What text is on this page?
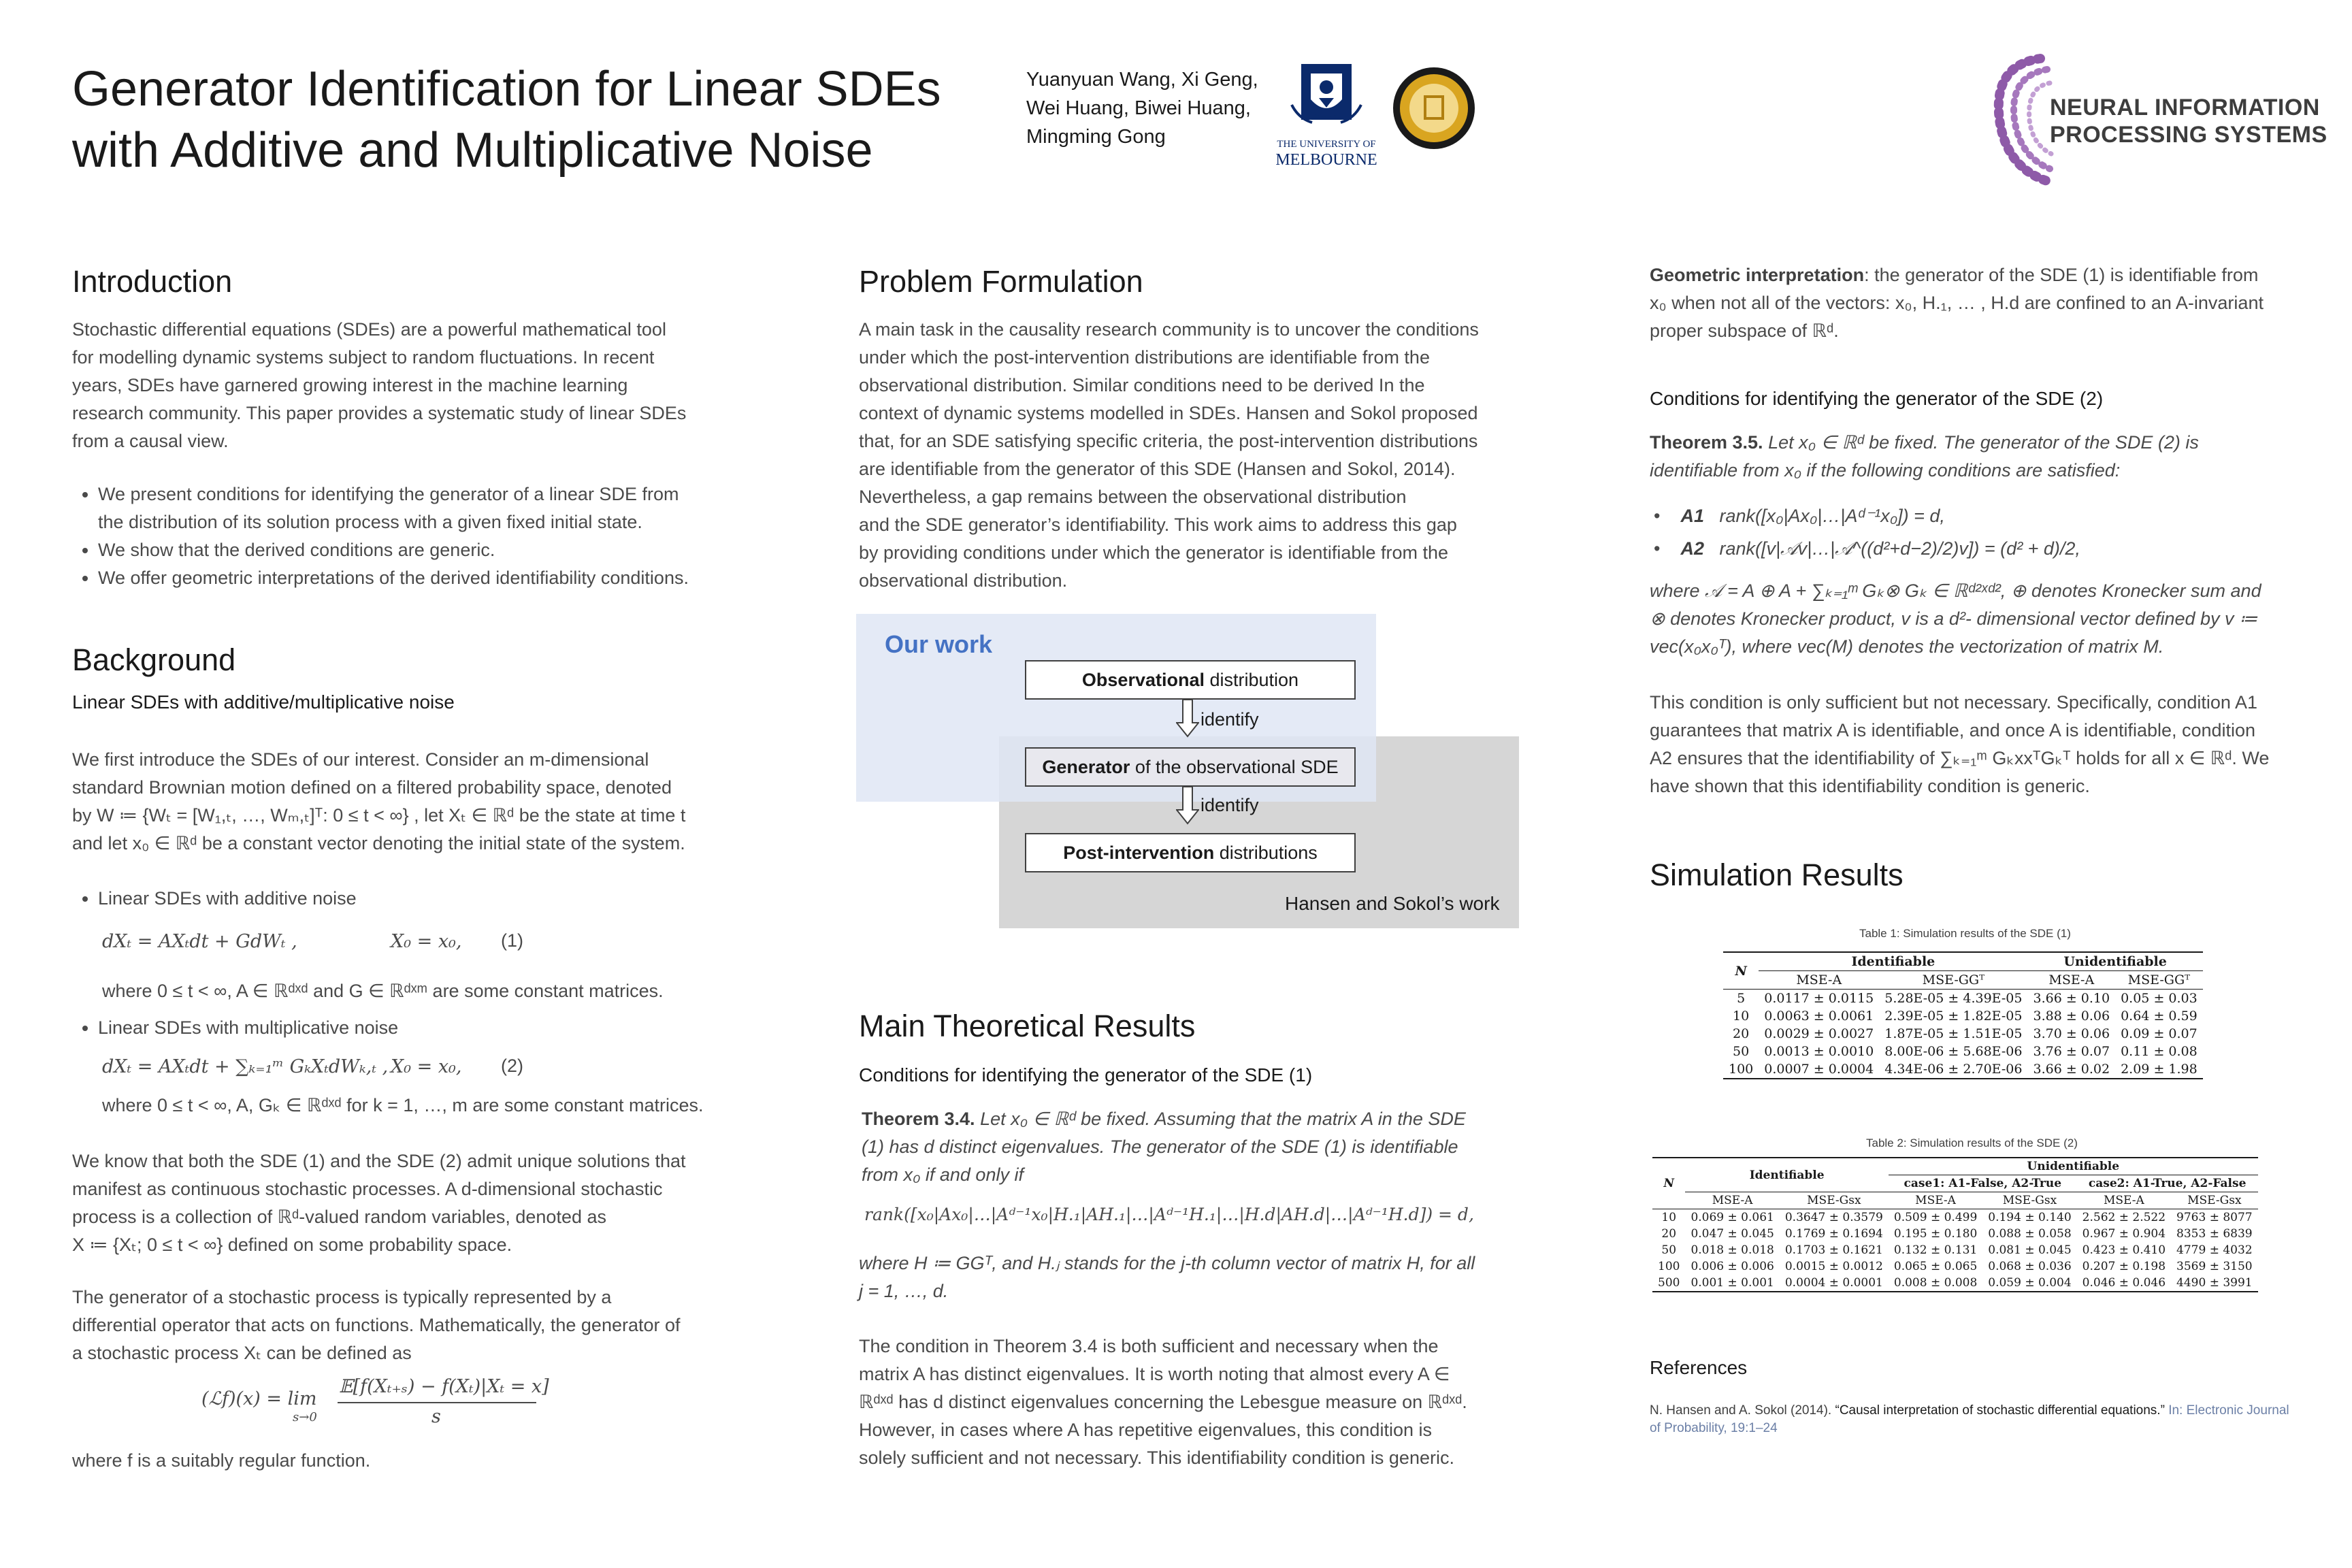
Generator Identification for Linear SDEs
with Additive and Multiplicative Noise
Yuanyuan Wang, Xi Geng,
Wei Huang, Biwei Huang,
Mingming Gong	THE UNIVERSITY OF
MELBOURNE
NEURAL INFORMATION
PROCESSING SYSTEMS
Introduction
Stochastic differential equations (SDEs) are a powerful mathematical tool
for modelling dynamic systems subject to random fluctuations. In recent
years, SDEs have garnered growing interest in the machine learning
research community. This paper provides a systematic study of linear SDEs
from a causal view.
• We present conditions for identifying the generator of a linear SDE from
the distribution of its solution process with a given fixed initial state.
• We show that the derived conditions are generic.
• We offer geometric interpretations of the derived identifiability conditions.
Background
Linear SDEs with additive/multiplicative noise
We first introduce the SDEs of our interest. Consider an m-dimensional
standard Brownian motion defined on a filtered probability space, denoted
by W ≔ {Wₜ = [W₁,ₜ, …, Wₘ,ₜ]ᵀ: 0 ≤ t < ∞} , let Xₜ ∈ ℝᵈ be the state at time t
and let x₀ ∈ ℝᵈ be a constant vector denoting the initial state of the system.
• Linear SDEs with additive noise
dXₜ = AXₜdt + GdWₜ ,	X₀ = x₀, (1)
where 0 ≤ t < ∞, A ∈ ℝᵈˣᵈ and G ∈ ℝᵈˣᵐ are some constant matrices.
• Linear SDEs with multiplicative noise
dXₜ = AXₜdt + ∑ₖ₌₁ᵐ GₖXₜdWₖ,ₜ , X₀ = x₀, (2)
where 0 ≤ t < ∞, A, Gₖ ∈ ℝᵈˣᵈ for k = 1, …, m are some constant matrices.
We know that both the SDE (1) and the SDE (2) admit unique solutions that
manifest as continuous stochastic processes. A d-dimensional stochastic
process is a collection of ℝᵈ-valued random variables, denoted as
X ≔ {Xₜ; 0 ≤ t < ∞} defined on some probability space.
The generator of a stochastic process is typically represented by a
differential operator that acts on functions. Mathematically, the generator of
a stochastic process Xₜ can be defined as
(ℒf)(x) = lim
s→0
𝔼[f(Xₜ₊ₛ) − f(Xₜ)|Xₜ = x]
s
where f is a suitably regular function.
Problem Formulation
A main task in the causality research community is to uncover the conditions
under which the post-intervention distributions are identifiable from the
observational distribution. Similar conditions need to be derived In the
context of dynamic systems modelled in SDEs. Hansen and Sokol proposed
that, for an SDE satisfying specific criteria, the post-intervention distributions
are identifiable from the generator of this SDE (Hansen and Sokol, 2014).
Nevertheless, a gap remains between the observational distribution
and the SDE generator’s identifiability. This work aims to address this gap
by providing conditions under which the generator is identifiable from the
observational distribution.
Our work
Observational distribution
identify
Generator of the observational SDE
identify
Post-intervention distributions
Hansen and Sokol’s work
Main Theoretical Results
Conditions for identifying the generator of the SDE (1)
Theorem 3.4. Let x₀ ∈ ℝᵈ be fixed. Assuming that the matrix A in the SDE
(1) has d distinct eigenvalues. The generator of the SDE (1) is identifiable
from x₀ if and only if
rank([x₀|Ax₀|…|Aᵈ⁻¹x₀|H.₁|AH.₁|…|Aᵈ⁻¹H.₁|…|H.d|AH.d|…|Aᵈ⁻¹H.d]) = d,
where H ≔ GGᵀ, and H.ⱼ stands for the j-th column vector of matrix H, for all
j = 1, …, d.
The condition in Theorem 3.4 is both sufficient and necessary when the
matrix A has distinct eigenvalues. It is worth noting that almost every A ∈
ℝᵈˣᵈ has d distinct eigenvalues concerning the Lebesgue measure on ℝᵈˣᵈ.
However, in cases where A has repetitive eigenvalues, this condition is
solely sufficient and not necessary. This identifiability condition is generic.
Geometric interpretation: the generator of the SDE (1) is identifiable from
x₀ when not all of the vectors: x₀, H.₁, … , H.d are confined to an A-invariant
proper subspace of ℝᵈ.
Conditions for identifying the generator of the SDE (2)
Theorem 3.5. Let x₀ ∈ ℝᵈ be fixed. The generator of the SDE (2) is
identifiable from x₀ if the following conditions are satisfied:
•    A1 rank([x₀|Ax₀|…|Aᵈ⁻¹x₀]) = d,
•    A2 rank([v|𝒜v|…|𝒜^((d²+d−2)/2)v]) = (d² + d)/2,
where 𝒜 = A ⊕ A + ∑ₖ₌₁ᵐ Gₖ⊗ Gₖ ∈ ℝᵈ²ˣᵈ², ⊕ denotes Kronecker sum and
⊗ denotes Kronecker product, v is a d²- dimensional vector defined by v ≔
vec(x₀x₀ᵀ), where vec(M) denotes the vectorization of matrix M.
This condition is only sufficient but not necessary. Specifically, condition A1
guarantees that matrix A is identifiable, and once A is identifiable, condition
A2 ensures that the identifiability of ∑ₖ₌₁ᵐ GₖxxᵀGₖᵀ holds for all x ∈ ℝᵈ. We
have shown that this identifiability condition is generic.
Simulation Results
Table 1: Simulation results of the SDE (1)
N	Identifiable		Unidentifiable	
	MSE-A	MSE-GGᵀ	MSE-A	MSE-GGᵀ
5	0.0117 ± 0.0115	5.28E-05 ± 4.39E-05	3.66 ± 0.10	0.05 ± 0.03
10	0.0063 ± 0.0061	2.39E-05 ± 1.82E-05	3.88 ± 0.06	0.64 ± 0.59
20	0.0029 ± 0.0027	1.87E-05 ± 1.51E-05	3.70 ± 0.06	0.09 ± 0.07
50	0.0013 ± 0.0010	8.00E-06 ± 5.68E-06	3.76 ± 0.07	0.11 ± 0.08
100	0.0007 ± 0.0004	4.34E-06 ± 2.70E-06	3.66 ± 0.02	2.09 ± 1.98
Table 2: Simulation results of the SDE (2)
N	Identifiable		Unidentifiable			
			case1: A1-False, A2-True		case2: A1-True, A2-False	
	MSE-A	MSE-Gsx	MSE-A	MSE-Gsx	MSE-A	MSE-Gsx
10	0.069 ± 0.061	0.3647 ± 0.3579	0.509 ± 0.499	0.194 ± 0.140	2.562 ± 2.522	9763 ± 8077
20	0.047 ± 0.045	0.1769 ± 0.1694	0.195 ± 0.180	0.088 ± 0.058	0.967 ± 0.904	8353 ± 6839
50	0.018 ± 0.018	0.1703 ± 0.1621	0.132 ± 0.131	0.081 ± 0.045	0.423 ± 0.410	4779 ± 4032
100	0.006 ± 0.006	0.0015 ± 0.0012	0.065 ± 0.065	0.068 ± 0.036	0.207 ± 0.198	3569 ± 3150
500	0.001 ± 0.001	0.0004 ± 0.0001	0.008 ± 0.008	0.059 ± 0.004	0.046 ± 0.046	4490 ± 3991
References
N. Hansen and A. Sokol (2014). “Causal interpretation of stochastic differential equations.” In: Electronic Journal
of Probability, 19:1–24
